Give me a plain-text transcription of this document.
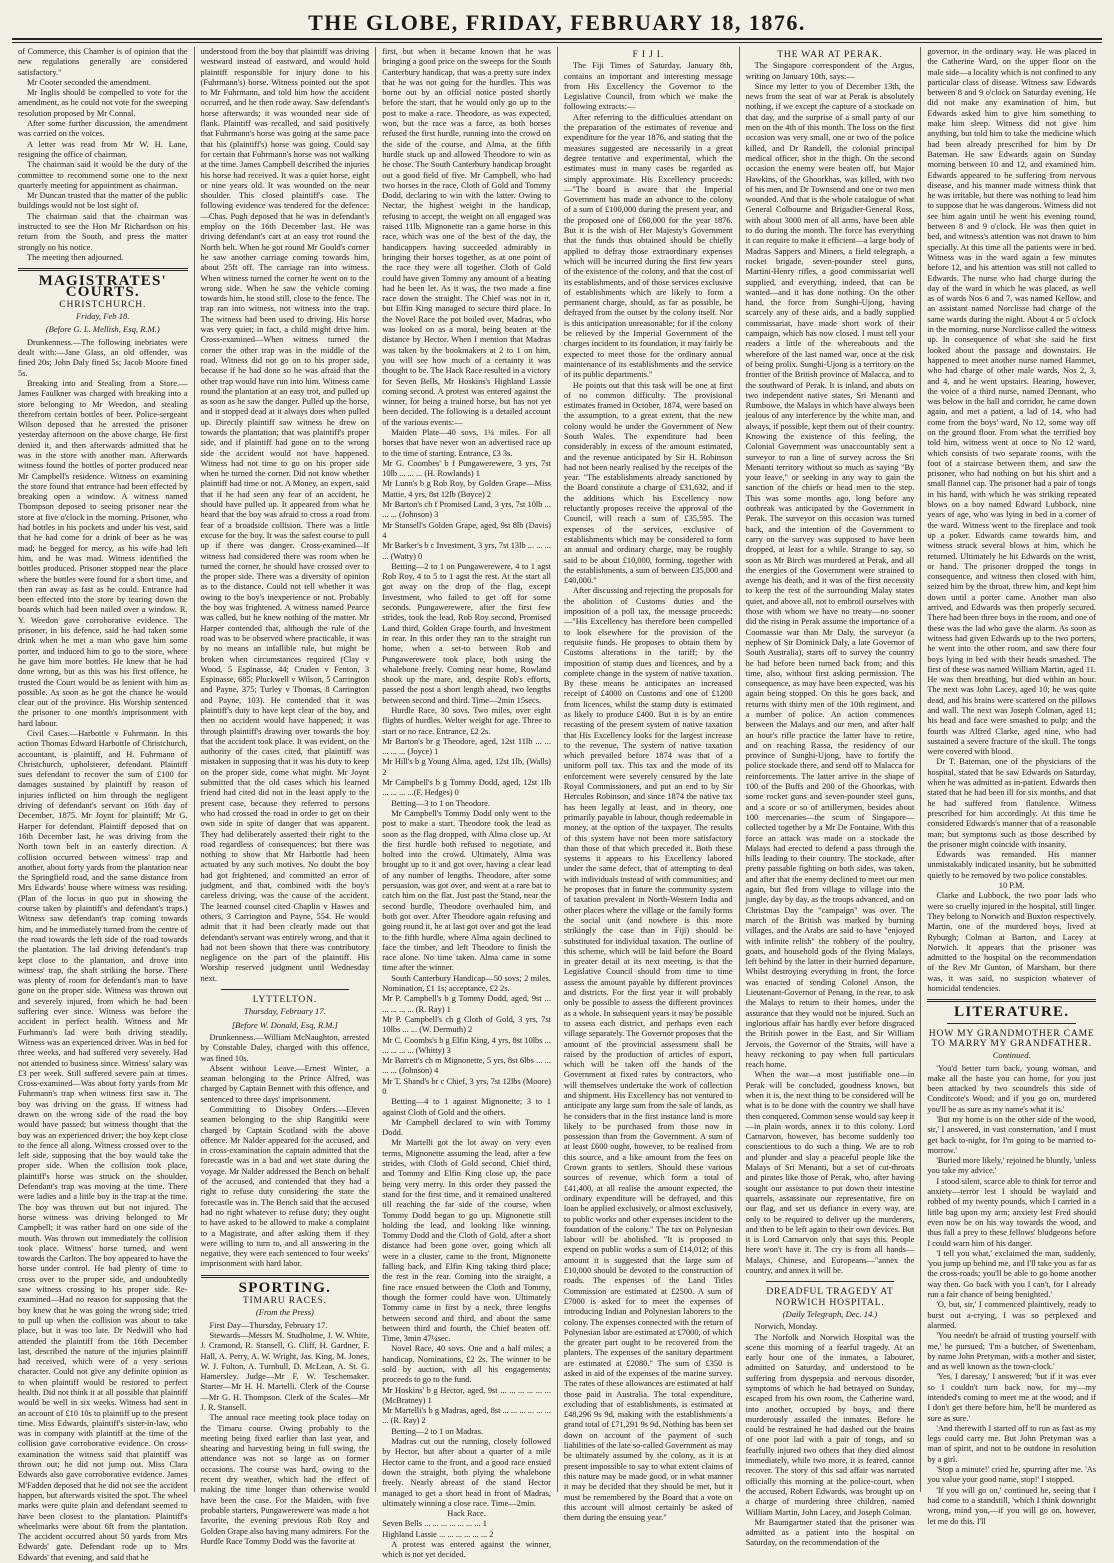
THE GLOBE, FRIDAY, FEBRUARY 18, 1876.

of Commerce, this Chamber is of opinion that the new regulations generally are considered satisfactory."

Mr Cooter seconded the amendment.

Mr Inglis should be compelled to vote for the amendment, as he could not vote for the sweeping resolution proposed by Mr Connal.

After some further discussion, the amendment was carried on the voices.

A letter was read from Mr W. H. Lane, resigning the office of chairman.

The chairman said it would be the duty of the committee to recommend some one to the next quarterly meeting for appointment as chairman.

Mr Duncan trusted that the matter of the public buildings would not be lost sight of.

The chairman said that the chairman was instructed to see the Hon Mr Richardson on his return from the South, and press the matter strongly on his notice.

The meeting then adjourned.

MAGISTRATES' COURTS.
CHRISTCHURCH.
Friday, Feb 18.
(Before G. L. Mellish, Esq, R.M.)

Drunkenness.—The following inebriates were dealt with:—Jane Glass, an old offender, was fined 20s; John Daly fined 5s; Jacob Moore fined 5s.

Breaking into and Stealing from a Store.—James Faulkner was charged with breaking into a store belonging to Mr Weedon, and stealing therefrom certain bottles of beer. Police-sergeant Wilson deposed that he arrested the prisoner yesterday afternoon on the above charge. He first denied it, and then afterwards admitted that he was in the store with another man. Afterwards witness found the bottles of porter produced near Mr Campbell's residence. Witness on examining the store found that entrance had been effected by breaking open a window. A witness named Thompson deposed to seeing prisoner near the store at five o'clock in the morning. Prisoner, who had bottles in his pockets and under his vest, said that he had come for a drink of beer as he was mad; he begged for mercy, as his wife had left him, and he was mad. Witness identified the bottles produced. Prisoner stopped near the place where the bottles were found for a short time, and then ran away as fast as he could. Entrance had been effected into the store by tearing down the boards which had been nailed over a window. R. Y. Weedon gave corroborative evidence. The prisoner, in his defence, said he had taken some drink when he met a man who gave him some porter, and induced him to go to the store, where he gave him more bottles. He knew that he had done wrong, but as this was his first offence, he trusted the Court would be as lenient with him as possible. As soon as he got the chance he would clear out of the province. His Worship sentenced the prisoner to one month's imprisonment with hard labour.

Civil Cases.—Harbottle v Fuhrmann. In this action Thomas Edward Harbottle of Christchurch, accountant, is plaintiff, and H. Fuhrmann of Christchurch, upholsterer, defendant. Plaintiff sues defendant to recover the sum of £100 for damages sustained by plaintiff by reason of injuries inflicted on him through the negligent driving of defendant's servant on 16th day of December, 1875. Mr Joynt for plaintiff; Mr G. Harper for defendant. Plaintiff deposed that on 16th December last, he was driving from the North town belt in an easterly direction. A collision occurred between witness' trap and another, about forty yards from the plantation near the Springfield road, and the same distance from Mrs Edwards' house where witness was residing. (Plan of the locus in quo put in showing the course taken by plaintiff's and defendant's traps.) Witness saw defendant's trap coming towards him, and he immediately turned from the centre of the road towards the left side of the road towards the plantation. The lad driving defendant's trap kept close to the plantation, and drove into witness' trap, the shaft striking the horse. There was plenty of room for defendant's man to have gone on the proper side. Witness was thrown out and severely injured, from which he had been suffering ever since. Witness was before the accident in perfect health. Witness and Mr Furhmann's lad were both driving steadily. Witness was an experienced driver. Was in bed for three weeks, and had suffered very severely. Had not attended to business since. Witness' salary was £3 per week. Still suffered severe pain at times. Cross-examined—Was about forty yards from Mr Fuhrmann's trap when witness first saw it. The boy was driving on the grass. If witness had drawn on the wrong side of the road the boy would have passed; but witness thought that the boy was an experienced driver; the boy kept close to the fence all along. Witness crossed over to the left side, supposing that the boy would take the proper side. When the collision took place, plaintiff's horse was struck on the shoulder. Defendant's trap was moving at the time. There were ladies and a little boy in the trap at the time. The boy was thrown out but not injured. The horse witness was driving belonged to Mr Campbell; it was rather hard on one side of the mouth. Was thrown out immediately the collision took place. Witness' horse turned, and went towards the Carlton. The boy appeared to have the horse under control. He had plenty of time to cross over to the proper side, and undoubtedly saw witness crossing to his proper side. Re-examined—Had no reason for supposing that the boy knew that he was going the wrong side; tried to pull up when the collision was about to take place, but it was too late. Dr Nedwill who had attended the plaintiff from the 16th December last, described the nature of the injuries plaintiff had received, which were of a very serious character. Could not give any definite opinion as to when plaintiff would be restored to perfect health. Did not think it at all possible that plaintiff would be well in six weeks. Witness had sent in an account of £10 10s to plaintiff up to the present time. Miss Edwards, plaintiff's sister-in-law, who was in company with plaintiff at the time of the collision gave corroborative evidence. On cross-examination the witness said that plaintiff was thrown out; he did not jump out. Miss Clara Edwards also gave corroborative evidence. James M'Fadden deposed that he did not see the accident happen, but afterwards visited the spot. The wheel marks were quite plain and defendant seemed to have been closest to the plantation. Plaintiff's wheelmarks were about 6ft from the plantation. The accident occurred about 50 yards from Mrs Edwards' gate. Defendant rode up to Mrs Edwards' that evening, and said that he

understood from the boy that plaintiff was driving westward instead of eastward, and would hold plaintiff responsible for injury done to his (Fuhrmann's) horse. Witness pointed out the spot to Mr Fuhrmann, and told him how the accident occurred, and he then rode away. Saw defendant's horse afterwards; it was wounded near side of flank. Plaintiff was recalled, and said positively that Fuhrmann's horse was going at the same pace that his (plaintiff's) horse was going. Could say for certain that Fuhrmann's horse was not walking at the time. James Campbell described the injuries his horse had received. It was a quiet horse, eight or nine years old. It was wounded on the near shoulder. This closed plaintiff's case. The following evidence was tendered for the defence:—Chas. Pugh deposed that he was in defendant's employ on the 16th December last. He was driving defendant's cart at an easy trot round the North belt. When he got round Mr Gould's corner he saw another carriage coming towards him, about 25ft off. The carriage ran into witness. When witness turned the corner he went on to the wrong side. When he saw the vehicle coming towards him, he stood still, close to the fence. The trap ran into witness, not witness into the trap. The witness had been used to driving. His horse was very quiet; in fact, a child might drive him. Cross-examined—When witness turned the corner the other trap was in the middle of the road. Witness did not go on to his proper side, because if he had done so he was afraid that the other trap would have run into him. Witness came round the plantation at an easy trot, and pulled up as soon as he saw the danger. Pulled up the horse, and it stopped dead at it always does when pulled up. Directly plaintiff saw witness he drew on towards the plantation; that was plaintiff's proper side, and if plaintiff had gone on to the wrong side the accident would not have happened. Witness had not time to go on his proper side when he turned the corner. Did not know whether plaintiff had time or not. A Money, an expert, said that if he had seen any fear of an accident, he should have pulled up. It appeared from what he heard that the boy was afraid to cross a road from fear of a broadside collision. There was a little excuse for the boy. It was the safest course to pull up if there was danger. Cross-examined—If witness had considered there was room when he turned the corner, he should have crossed over to the proper side. There was a diversity of opinion as to the distance. Could not tell whether it was owing to the boy's inexperience or not. Probably the boy was frightened. A witness named Pearce was called, but he knew nothing of the matter. Mr Harper contended that, although the rule of the road was to be observed where practicable, it was by no means an infallible rule, but might be broken when circumstances required (Clay v Wood, 5 Espinasse, 44; Cruden v Fenton, 3 Espinasse, 685; Pluckwell v Wilson, 5 Carrington and Payne, 375; Turley v Thomas, 8 Carrington and Payne, 103). He contended that it was plaintiff's duty to have kept clear of the boy, and then no accident would have happened; it was through plaintiff's drawing over towards the boy that the accident took place. It was evident, on the authority of the cases cited, that plaintiff was mistaken in supposing that it was his duty to keep on the proper side, come what might. Mr Joynt submitted that the old cases which his learned friend had cited did not in the least apply to the present case, because they referred to persons who had crossed the road in order to get on their own side in spite of danger that was apparent. They had deliberately asserted their right to the road regardless of consequences; but there was nothing to show that Mr Harbottle had been actuated by any such motives. No doubt the boy had got frightened, and committed an error of judgment, and that, combined with the boy's careless driving, was the cause of the accident. The learned counsel cited Chaplin v Hawes and others, 3 Carrington and Payne, 554. He would admit that it had been clearly made out that defendant's servant was entirely wrong, and that it had not been shown that there was contributory negligence on the part of the plaintiff. His Worship reserved judgment until Wednesday next.

LYTTELTON.
Thursday, February 17.
[Before W. Donald, Esq, R.M.]

Drunkenness.—William McNaughton, arrested by Constable Daley, charged with this offence, was fined 10s.

Absent without Leave.—Ernest Winter, a seaman belonging to the Prince Alfred, was charged by Captain Bennett with this offence, and sentenced to three days' imprisonment.

Committing to Disobey Orders.—Eleven seamen belonging to the ship Rangitiki were charged by Captain Scotland with the above offence. Mr Nalder appeared for the accused, and in cross-examination the captain admitted that the forecastle was in a bad and wet state during the voyage. Mr Nalder addressed the Bench on behalf of the accused, and contended that they had a right to refuse duty considering the state the forecastle was in. The Bench said that the accused had no right whatever to refuse duty; they ought to have asked to be allowed to make a complaint to a Magistrate, and after asking them if they were willing to turn to, and all answering in the negative, they were each sentenced to four weeks' imprisonment with hard labor.

SPORTING.
TIMARU RACES.
(From the Press)

First Day—Thursday, February 17.

Stewards—Messrs M. Studholme, J. W. White, J. Cramond, R. Stansell, G. Cliff, H. Gardner, F. Hall, A. Perry, A. W. Wright, Jas. King, M. Jones, W. J. Fulton, A. Turnbull, D. McLean, A. St. G. Hamersley. Judge—Mr F. W. Teschemaker. Starter—Mr H. H. Martelli. Clerk of the Course—Mr G. H. Thompson. Clerk of the Scales—Mr J. R. Stansell.

The annual race meeting took place today on the Timaru course. Owing probably to the meeting being fixed earlier than last year, and shearing and harvesting being in full swing, the attendance was not so large as on former occasions. The course was hard, owing to the recent dry weather, which had the effect of making the time longer than otherwise would have been the case. For the Maiden, with five probable starters, Pungawerewere was made a hot favorite, the evening previous Rob Roy and Golden Grape also having many admirers. For the Hurdle Race Tommy Dodd was the favorite at

first, but when it became known that he was bringing a good price on the sweeps for the South Canterbury handicap, that was a pretty sure index that he was not going for the hurdles. This was borne out by an official notice posted shortly before the start, that he would only go up to the post to make a race. Theodore, as was expected, won, but the race was a farce, as both horses refused the first hurdle, running into the crowd on the side of the course, and Alma, at the fifth hurdle stuck up and allowed Theodore to win as he chose. The South Canterbury handicap brought out a good field of five. Mr Campbell, who had two horses in the race, Cloth of Gold and Tommy Dodd, declaring to win with the latter. Owing to Nectar, the highest weight in the handicap, refusing to accept, the weight on all engaged was raised 11lb. Mignonette ran a game horse in this race, which was one of the best of the day, the handicappers having succeeded admirably in bringing their horses together, as at one point of the race they were all together. Cloth of Gold could have given Tommy any amount of a beating had he been let. As it was, the two made a fine race down the straight. The Chief was not in it, but Elfin King managed to secure third place. In the Novel Race the pot boiled over, Madras, who was looked on as a moral, being beaten at the distance by Hector. When I mention that Madras was taken by the bookmakers at 2 to 1 on him, you will see how much of a certainty it was thought to be. The Hack Race resulted in a victory for Seven Bells, Mr Hoskins's Highland Lassie coming second. A protest was entered against the winner, for being a trained horse, but has not yet been decided. The following is a detailed account of the various events:—

Maiden Plate—40 sovs, 1¼ miles. For all horses that have never won an advertised race up to the time of starting. Entrance, £3 3s.

Mr G. Coombes' b f Pungawerewere, 3 yrs, 7st 10lb ... ... ... (H. Rowlands) 1

Mr Lunn's b g Rob Roy, by Golden Grape—Miss Mattie, 4 yrs, 8st 12lb (Boyce) 2

Mr Barton's ch f Promised Land, 3 yrs, 7st 10lb ... ... ... (Johnson) 3

Mr Stansell's Golden Grape, aged, 9st 8lb (Davis) 4

Mr Barker's b c Investment, 3 yrs, 7st 13lb ... ... ... ... (Watty) 0

Betting—2 to 1 on Pungawerewere, 4 to 1 agst Rob Roy, 4 to 5 to 1 agst the rest. At the start all got away on the drop of the flag, except Investment, who failed to get off for some seconds. Pungawerewere, after the first few strides, took the lead, Rob Roy second, Promised Land third, Golden Grape fourth, and Investment in rear. In this order they ran to the straight run home, when a set-to between Rob and Pungawerewere took place, both using the whalebone freely. Coming near home, Rowland shook up the mare, and, despite Rob's efforts, passed the post a short length ahead, two lengths between second and third. Time—2min 15secs.

Hurdle Race, 30 sovs. Two miles, over eight flights of hurdles. Welter weight for age. Three to start or no race. Entrance, £2 2s.

Mr Barton's br g Theodore, aged, 12st 11lb ... ... ... ... ... (Joyce) 1

Mr Hill's b g Young Alma, aged, 12st 1lb, (Walls) 2

Mr Campbell's b g Tommy Dodd, aged, 12st 1lb ... ... ... ...(F. Hedges) 0

Betting—3 to 1 on Theodore.

Mr Campbell's Tommy Dodd only went to the post to make a start. Theodore took the lead as soon as the flag dropped, with Alma close up. At the first hurdle both refused to negotiate, and bolted into the crowd. Ultimately, Alma was brought up to it and got over, having a clear lead of any number of lengths. Theodore, after some persuasion, was got over, and went at a rare bat to catch him on the flat. Just past the Stand, near the second hurdle, Theodore overhauled him, and both got over. After Theodore again refusing and going round it, he at last got over and got the lead to the fifth hurdle, where Alma again declined to face the timber, and left Theodore to finish the race alone. No time taken. Alma came in some time after the winner.

South Canterbury Handicap—50 sovs; 2 miles. Nomination, £1 1s; acceptance, £2 2s.

Mr P. Campbell's b g Tommy Dodd, aged, 9st ... ... ... ... ... (R. Ray) 1

Mr P. Campbell's ch g Cloth of Gold, 3 yrs, 7st 10lbs ... ... (W. Dermuth) 2

Mr C. Coombs's b g Elfin King, 4 yrs, 8st 10lbs ... ... ... ... ... (Whitty) 3

Mr Barrett's ch m Mignonette, 5 yrs, 8st 6lbs ... ... ... ... (Johnson) 4

Mr T. Shand's br c Chief, 3 yrs, 7st 12lbs (Moore) 0

Betting—4 to 1 against Mignonette; 3 to 1 against Cloth of Gold and the others.

Mr Campbell declared to win with Tommy Dodd.

Mr Martelli got the lot away on very even terms, Mignonette assuming the lead, after a few strides, with Cloth of Gold second, Chief third, and Tommy and Elfin King close up, the pace being very merry. In this order they passed the stand for the first time, and it remained unaltered till reaching the far side of the course, when Tommy Dodd began to go up. Mignonette still holding the lead, and looking like winning. Tommy Dodd and the Cloth of Gold, after a short distance had been gone over, going which all were in a cluster, came to the front, Mignonette falling back, and Elfin King taking third place; the rest in the rear. Coming into the straight, a fine race ensued between the Cloth and Tommy, though the former could have won. Ultimately Tommy came in first by a neck, three lengths between second and third, and about the same between third and fourth, the Chief beaten off. Time, 3min 47¼sec.

Novel Race, 40 sovs. One and a half miles; a handicap. Nominations, £2 2s. The winner to be sold by auction, with all his engagements; proceeds to go to the fund.

Mr Hoskins' b g Hector, aged, 9st ... ... ... ... ... ... (McBratney) 1

Mr Martelli's b g Madras, aged, 8st ... ... ... ... ... ... ... (R. Ray) 2

Betting—2 to 1 on Madras.

Madras cut out the running, closely followed by Hector, but after about a quarter of a mile Hector came to the front, and a good race ensued down the straight, both plying the whalebone freely. Nearly abreast of the stand Hector managed to get a short head in front of Madras, ultimately winning a close race. Time—2min.

Hack Race.

Seven Bells ... ... ... ... ... ... ... 1

Highland Lassie ... ... ... ... ... ... 2

A protest was entered against the winner, which is not yet decided.

F I J I.

The Fiji Times of Saturday, January 8th, contains an important and interesting message from His Excellency the Governor to the Legislative Council, from which we make the following extracts:—

After referring to the difficulties attendant on the preparation of the estimates of revenue and expenditure for the year 1876, and stating that the measures suggested are necessarily in a great degree tentative and experimental, which the estimates must in many cases be regarded as simply approximate. His Excellency proceeds:—"The board is aware that the Imperial Government has made an advance to the colony of a sum of £100,000 during the present year, and the proposed one of £60,000 for the year 1876. But it is the wish of Her Majesty's Government that the funds thus obtained should be chiefly applied to defray those extraordinary expenses which will be incurred during the first few years of the existence of the colony, and that the cost of its establishments, and of those services exclusive of establishments which are likely to form a permanent charge, should, as far as possible, be defrayed from the outset by the colony itself. Nor is this anticipation unreasonable; for if the colony be relieved by the Imperial Government of the charges incident to its foundation, it may fairly be expected to meet those for the ordinary annual maintenance of its establishments and the service of its public departments."

He points out that this task will be one at first of no common difficulty. The provisional estimates framed in October, 1874, were based on the assumption, to a great extent, that the new colony would be under the Government of New South Wales. The expenditure had been considerably in excess of the amount estimated, and the revenue anticipated by Sir H. Robinson had not been nearly realised by the receipts of the year. "The establishments already sanctioned by the Board constitute a charge of £31,632, and if the additions which his Excellency now reluctantly proposes receive the approval of the Council, will reach a sum of £35,595. The expenses of the services, exclusive of establishments which may be considered to form an annual and ordinary charge, may be roughly said to be about £10,000, forming, together with the establishments, a sum of between £35,000 and £40,000."

After discussing and rejecting the proposals for the abolition of Customs duties and the imposition of a poll tax, the message proceeds:—"His Excellency has therefore been compelled to look elsewhere for the provision of the requisite funds. He proposes to obtain them by Customs alterations in the tariff; by the imposition of stamp dues and licences, and by a complete change in the system of native taxation. By these means he anticipates an increased receipt of £4000 on Customs and one of £1200 from licences, whilst the stamp duty is estimated as likely to produce £400. But it is by an entire recasting of the present system of native taxation that His Excellency looks for the largest increase to the revenue. The system of native taxation which prevailed before 1874 was that of a uniform poll tax. This tax and the mode of its enforcement were severely censured by the late Royal Commissioners, and put an end to by Sir Hercules Robinson, and since 1874 the native tax has been legally at least, and in theory, one primarily payable in labour, though redeemable in money, at the option of the taxpayer. The results of this system have not been more satisfactory than those of that which preceded it. Both these systems it appears to his Excellency labored under the same defect, that of attempting to deal with individuals instead of with communities; and he proposes that in future the community system of taxation prevalent in North-Western India and other places where the village or the family forms the social unit (and nowhere is this more strikingly the case than in Fiji) should be substituted for individual taxation. The outline of this scheme, which will be laid before the Board in greater detail at its next meeting, is that the Legislative Council should from time to time assess the amount payable by different provinces and districts. For the first year it will probably only be possible to assess the different provinces as a whole. In subsequent years it may be possible to assess each district, and perhaps even each village separately. The Governor proposes that the amount of the provincial assessment shall be raised by the production of articles of export, which will be taken off the hands of the Government at fixed rates by contractors, who will themselves undertake the work of collection and shipment. His Excellency has not ventured to anticipate any large sum from the sale of lands, as he considers that in the first instance land is more likely to be purchased from those now in possession than from the Government. A sum of at least £600 ought, however, to be realised from this source, and a like amount from the fees on Crown grants to settlers. Should these various sources of revenue, which form a total of £41,400, at all realise the amount expected, the ordinary expenditure will be defrayed, and this loan be applied exclusively, or almost exclusively, to public works and other expenses incident to the foundation of the colony." The tax on Polynesian labour will be abolished. "It is proposed to expend on public works a sum of £14,012; of this amount it is suggested that the large sum of £10,000 should be devoted to the construction of roads. The expenses of the Land Titles Commission are estimated at £2500. A sum of £7000 is asked for to meet the expenses of introducing Indian and Polynesian laborers to the colony. The expenses connected with the return of Polynesian labor are estimated at £7000, of which the greater part ought to be recovered from the planters. The expenses of the sanitary department are estimated at £2080." The sum of £350 is asked in aid of the expenses of the marine survey. The rates of these allowances are estimated at half those paid in Australia. The total expenditure, excluding that of establishments, is estimated at £48,296 9s 9d, making with the establishments a grand total of £71,291 9s 9d. Nothing has been set down on account of the payment of such liabilities of the late so-called Government as may be ultimately assumed by the colony, as it is at present impossible to say to what extent claims of this nature may be made good, or in what manner it may be decided that they should be met, but it must be remembered by the Board that a vote on this account will almost certainly be asked of them during the ensuing year."

THE WAR AT PERAK.

The Singapore correspondent of the Argus, writing on January 10th, says:—

Since my letter to you of December 13th, the news from the seat of war at Perak is absolutely nothing, if we except the capture of a stockade on that day, and the surprise of a small party of our men on the 4th of this month. The loss on the first occasion was very small, one or two of the police killed, and Dr Randell, the colonial principal medical officer, shot in the thigh. On the second occasion the enemy were beaten off, but Major Hawkins, of the Ghoorkhas, was killed, with two of his men, and Dr Townsend and one or two men wounded. And that is the whole catalogue of what General Colbourne and Brigadier-General Ross, with about 3000 men of all arms, have been able to do during the month. The force has everything it can require to make it efficient—a large body of Madras Sappers and Miners, a field telegraph, a rocket brigade, seven-pounder steel guns, Martini-Henry rifles, a good commissariat well supplied, and everything, indeed, that can be wanted—and it has done nothing. On the other hand, the force from Sunghi-Ujong, having scarcely any of these aids, and a badly supplied commissariat, have made short work of their campaign, which has now closed. I must tell your readers a little of the whereabouts and the wherefore of the last named war, once at the risk of being prolix. Sunghi-Ujong is a territory on the frontier of the British province of Malacca, and to the southward of Perak. It is inland, and abuts on two independent native states, Sri Menanti and Rumbowe, the Malays in which have always been jealous of any interference by the white man, and always, if possible, kept them out of their country. Knowing the existence of this feeling, the Colonial Government was unaccountably sent a surveyor to run a line of survey across the Sri Menanti territory without so much as saying "By your leave," or seeking in any way to gain the sanction of the chiefs or head men to the step. This was some months ago, long before any outbreak was anticipated by the Government in Perak. The surveyor on this occasion was turned back, and the intention of the Government to carry on the survey was supposed to have been dropped, at least for a while. Strange to say, so soon as Mr Birch was murdered at Perak, and all the energies of the Government were strained to avenge his death, and it was of the first necessity to keep the rest of the surrounding Malay states quiet, and above all, not to embroil ourselves with those with whom we have no treaty—no sooner did the rising in Perak assume the importance of a Coomassie war than Mr Daly, the surveyor (a nephew of Sir Dominick Daly, a late Governor of South Australia), starts off to survey the country he had before been turned back from; and this time, also, without first asking permission. The consequence, as may have been expected, was his again being stopped. On this he goes back, and returns with thirty men of the 10th regiment, and a number of police. An action commences between the Malays and our men, and after half an hour's rifle practice the latter have to retire, and on reaching Rassa, the residency of our province of Sunghi-Ujong, have to fortify the police stockade there, and send off to Malacca for reinforcements. The latter arrive in the shape of 100 of the Buffs and 200 of the Ghoorkas, with some rocket guns and seven-pounder steel guns, and a score or so of artillerymen, besides about 100 mercenaries—the scum of Singapore—collected together by a Mr De Fontaine. With this force an attack was made on a stockade the Malays had erected to defend a pass through the hills leading to their country. The stockade, after pretty passable fighting on both sides, was taken, and after that the enemy declined to meet our men again, but fled from village to village into the jungle, day by day, as the troops advanced, and on Christmas Day the "campaign" was over. The march of the British was marked by burning villages, and the Arabs are said to have "enjoyed with infinite relish" the robbery of the poultry, goats, and household gods of the flying Malays, left behind by the latter in their hurried departure. Whilst destroying everything in front, the force was enacted of sending Colonel Anson, the Lieutenant-Governor of Penang, in the rear, to ask the Malays to return to their homes, under the assurance that they would not be injured. Such an inglorious affair has hardly ever before disgraced the British power in the East, and Sir William Jervois, the Governor of the Straits, will have a heavy reckoning to pay when full particulars reach home.

When the war—a most justifiable one—in Perak will be concluded, goodness knows, but when it is, the next thing to be considered will be what is to be done with the country we shall have then conquered. Common sense would say keep it—in plain words, annex it to this colony. Lord Carnarvon, however, has become suddenly too conscientious to do such a thing. We are to rob and plunder and slay a peaceful people like the Malays of Sri Menanti, but a set of cut-throats and pirates like those of Perak, who, after having sought our assistance to put down their intestine quarrels, assassinate our representative, fire on our flag, and set us defiance in every way, are only to be required to deliver up the murderers, and then to be left again to their own devices. But it is Lord Carnarvon only that says this. People here won't have it. The cry is from all hands—Malays, Chinese, and Europeans—"annex the country, and annex it will be.

DREADFUL TRAGEDY AT NORWICH HOSPITAL.
(Daily Telegraph, Dec. 14.)

Norwich, Monday.

The Norfolk and Norwich Hospital was the scene this morning of a fearful tragedy. At an early hour one of the inmates, a labourer, admitted on Saturday, and understood to be suffering from dyspepsia and nervous disorder, symptoms of which he had betrayed on Sunday, escaped from his own room, the Catherine ward, into another, occupied by boys, and there murderously assailed the inmates. Before he could be restrained he had dashed out the brains of one poor lad with a pair of tongs, and so fearfully injured two others that they died almost immediately, while two more, it is feared, cannot recover. The story of this sad affair was narrated officially this morning at the police-court, when the accused, Robert Edwards, was brought up on a charge of murdering three children, named William Martin, John Lacey, and Joseph Colman.

Mr Baumgartner stated that the prisoner was admitted as a patient into the hospital on Saturday, on the recommendation of the

governor, in the ordinary way. He was placed in the Catherine Ward, on the upper floor on the male side—a locality which is not confined to any particular class of disease. Witness saw Edwards between 8 and 9 o'clock on Saturday evening. He did not make any examination of him, but Edwards asked him to give him something to make him sleep. Witness did not give him anything, but told him to take the medicine which had been already prescribed for him by Dr Bateman. He saw Edwards again on Sunday morning between 10 and 12, and examined him. Edwards appeared to be suffering from nervous disease, and his manner made witness think that he was irritable, but there was nothing to lead him to suppose that he was dangerous. Witness did not see him again until he went his evening round, between 8 and 9 o'clock. He was then quiet in bed, and witness's attention was not drawn to him specially. At this time all the patients were in bed. Witness was in the ward again a few minutes before 12, and his attention was still not called to Edwards. The nurse who had charge during the day of the ward in which he was placed, as well as of wards Nos 6 and 7, was named Kellow, and an assistant named Norclisse had charge of the same wards during the night. About 4 or 5 o'clock in the morning, nurse Norclisse called the witness up. In consequence of what she said he first looked about the passage and downstairs. He happened to meet another nurse named Hammet, who had charge of other male wards, Nos 2, 3, and 4, and he went upstairs. Hearing, however, the voice of a third nurse, named Dennant, who was below in the hall and corridor, he came down again, and met a patient, a lad of 14, who had come from the boys' ward, No 12, some way off on the ground floor. From what the terrified boy told him, witness went at once to No 12 ward, which consists of two separate rooms, with the foot of a staircase between them, and saw the prisoner, who had nothing on but his shirt and a small flannel cap. The prisoner had a pair of tongs in his hand, with which he was striking repeated blows on a boy named Edward Lubbock, nine years of age, who was lying in bed in a corner of the ward. Witness went to the fireplace and took up a poker. Edwards came towards him, and witness struck several blows at him, which he returned. Ultimately he hit Edwards on the wrist, or hand. The prisoner dropped the tongs in consequence, and witness then closed with him, seized him by the throat, threw him, and kept him down until a porter came. Another man also arrived, and Edwards was then properly secured. There had been three boys in the room, and one of these was the lad who gave the alarm. As soon as witness had given Edwards up to the two porters, he went into the other room, and saw there four boys lying in bed with their heads smashed. The first of these was named William Martin, aged 11. He was then breathing, but died within an hour. The next was John Lacey, aged 10; he was quite dead, and his brains were scattered on the pillows and wall. The next was Joseph Colman, aged 11; his head and face were smashed to pulp; and the fourth was Alfred Clarke, aged nine, who had sustained a severe fracture of the skull. The tongs were covered with blood.

Dr T. Bateman, one of the physicians of the hospital, stated that he saw Edwards on Saturday, when he was admitted as in-patient. Edwards then stated that he had been ill for six months, and that he had suffered from flatulence. Witness prescribed for him accordingly. At this time he considered Edwards's manner that of a reasonable man; but symptoms such as those described by the prisoner might coincide with insanity.

Edwards was remanded. His manner unmistakably indicated insanity, but he submitted quietly to be removed by two police constables.

10 P.M.

Clarke and Lubbock, the two poor lads who were so cruelly injured in the hospital, still linger. They belong to Norwich and Buxton respectively. Martin, one of the murdered boys, lived at Ryburgh; Colman at Barton, and Lacey at Norwich. It appears that the prisoner was admitted to the hospital on the recommendation of the Rev Mr Gunton, of Marsham, but there was, it was said, no suspicion whatever of homicidal tendencies.

LITERATURE.
HOW MY GRANDMOTHER CAME TO MARRY MY GRANDFATHER.
Continued.

'You'd better turn back, young woman, and make all the haste you can home, for you just been attacked by two scoundrels this side of Conditcote's Wood; and if you go on, murdered you'll be as sure as my name's what it is.'

'But my home is on the other side of the wood, sir,' I answered, in vast consternation, 'and I must get back to-night, for I'm going to be married to-morrow.'

'Buried more likely,' rejoined he bluntly, 'unless you take my advice.'

I stood silent, scarce able to think for terror and anxiety—terror lest I should be waylaid and robbed of my twenty pounds, which I carried in a little bag upon my arm; anxiety lest Fred should even now be on his way towards the wood, and thus fall a prey to these fellows' bludgeons before I could warn him of his danger.

'I tell you what,' exclaimed the man, suddenly, 'you jump up behind me, and I'll take you as far as the cross-roads; you'll be able to go home another way then. Go back with you I can't, for I already run a fair chance of being benighted.'

'O, but, sir,' I commenced plaintively, ready to burst out a-crying, I was so perplexed and alarmed.

'You needn't be afraid of trusting yourself with me,' he pursued; 'I'm a butcher, of Swettenham, by name John Pretyman, with a mother and sister, and as well known as the town-clock.'

'Yes, I daresay,' I answered; 'but if it was ever so I couldn't turn back now, for my—my intended's coming to meet me at the wood; and if I don't get there before him, he'll be murdered as sure as sure.'

'And therewith I started off to run as fast as my legs could carry me. But John Pretyman was a man of spirit, and not to be outdone in resolution by a girl.

'Stop a minute!' cried he, spurring after me. 'As you value your good name, stop!' I stopped.

'If you will go on,' continued he, seeing that I had come to a standstill, 'which I think downright wrong, mind you,—if you will go on, however, let me do this. I'll
